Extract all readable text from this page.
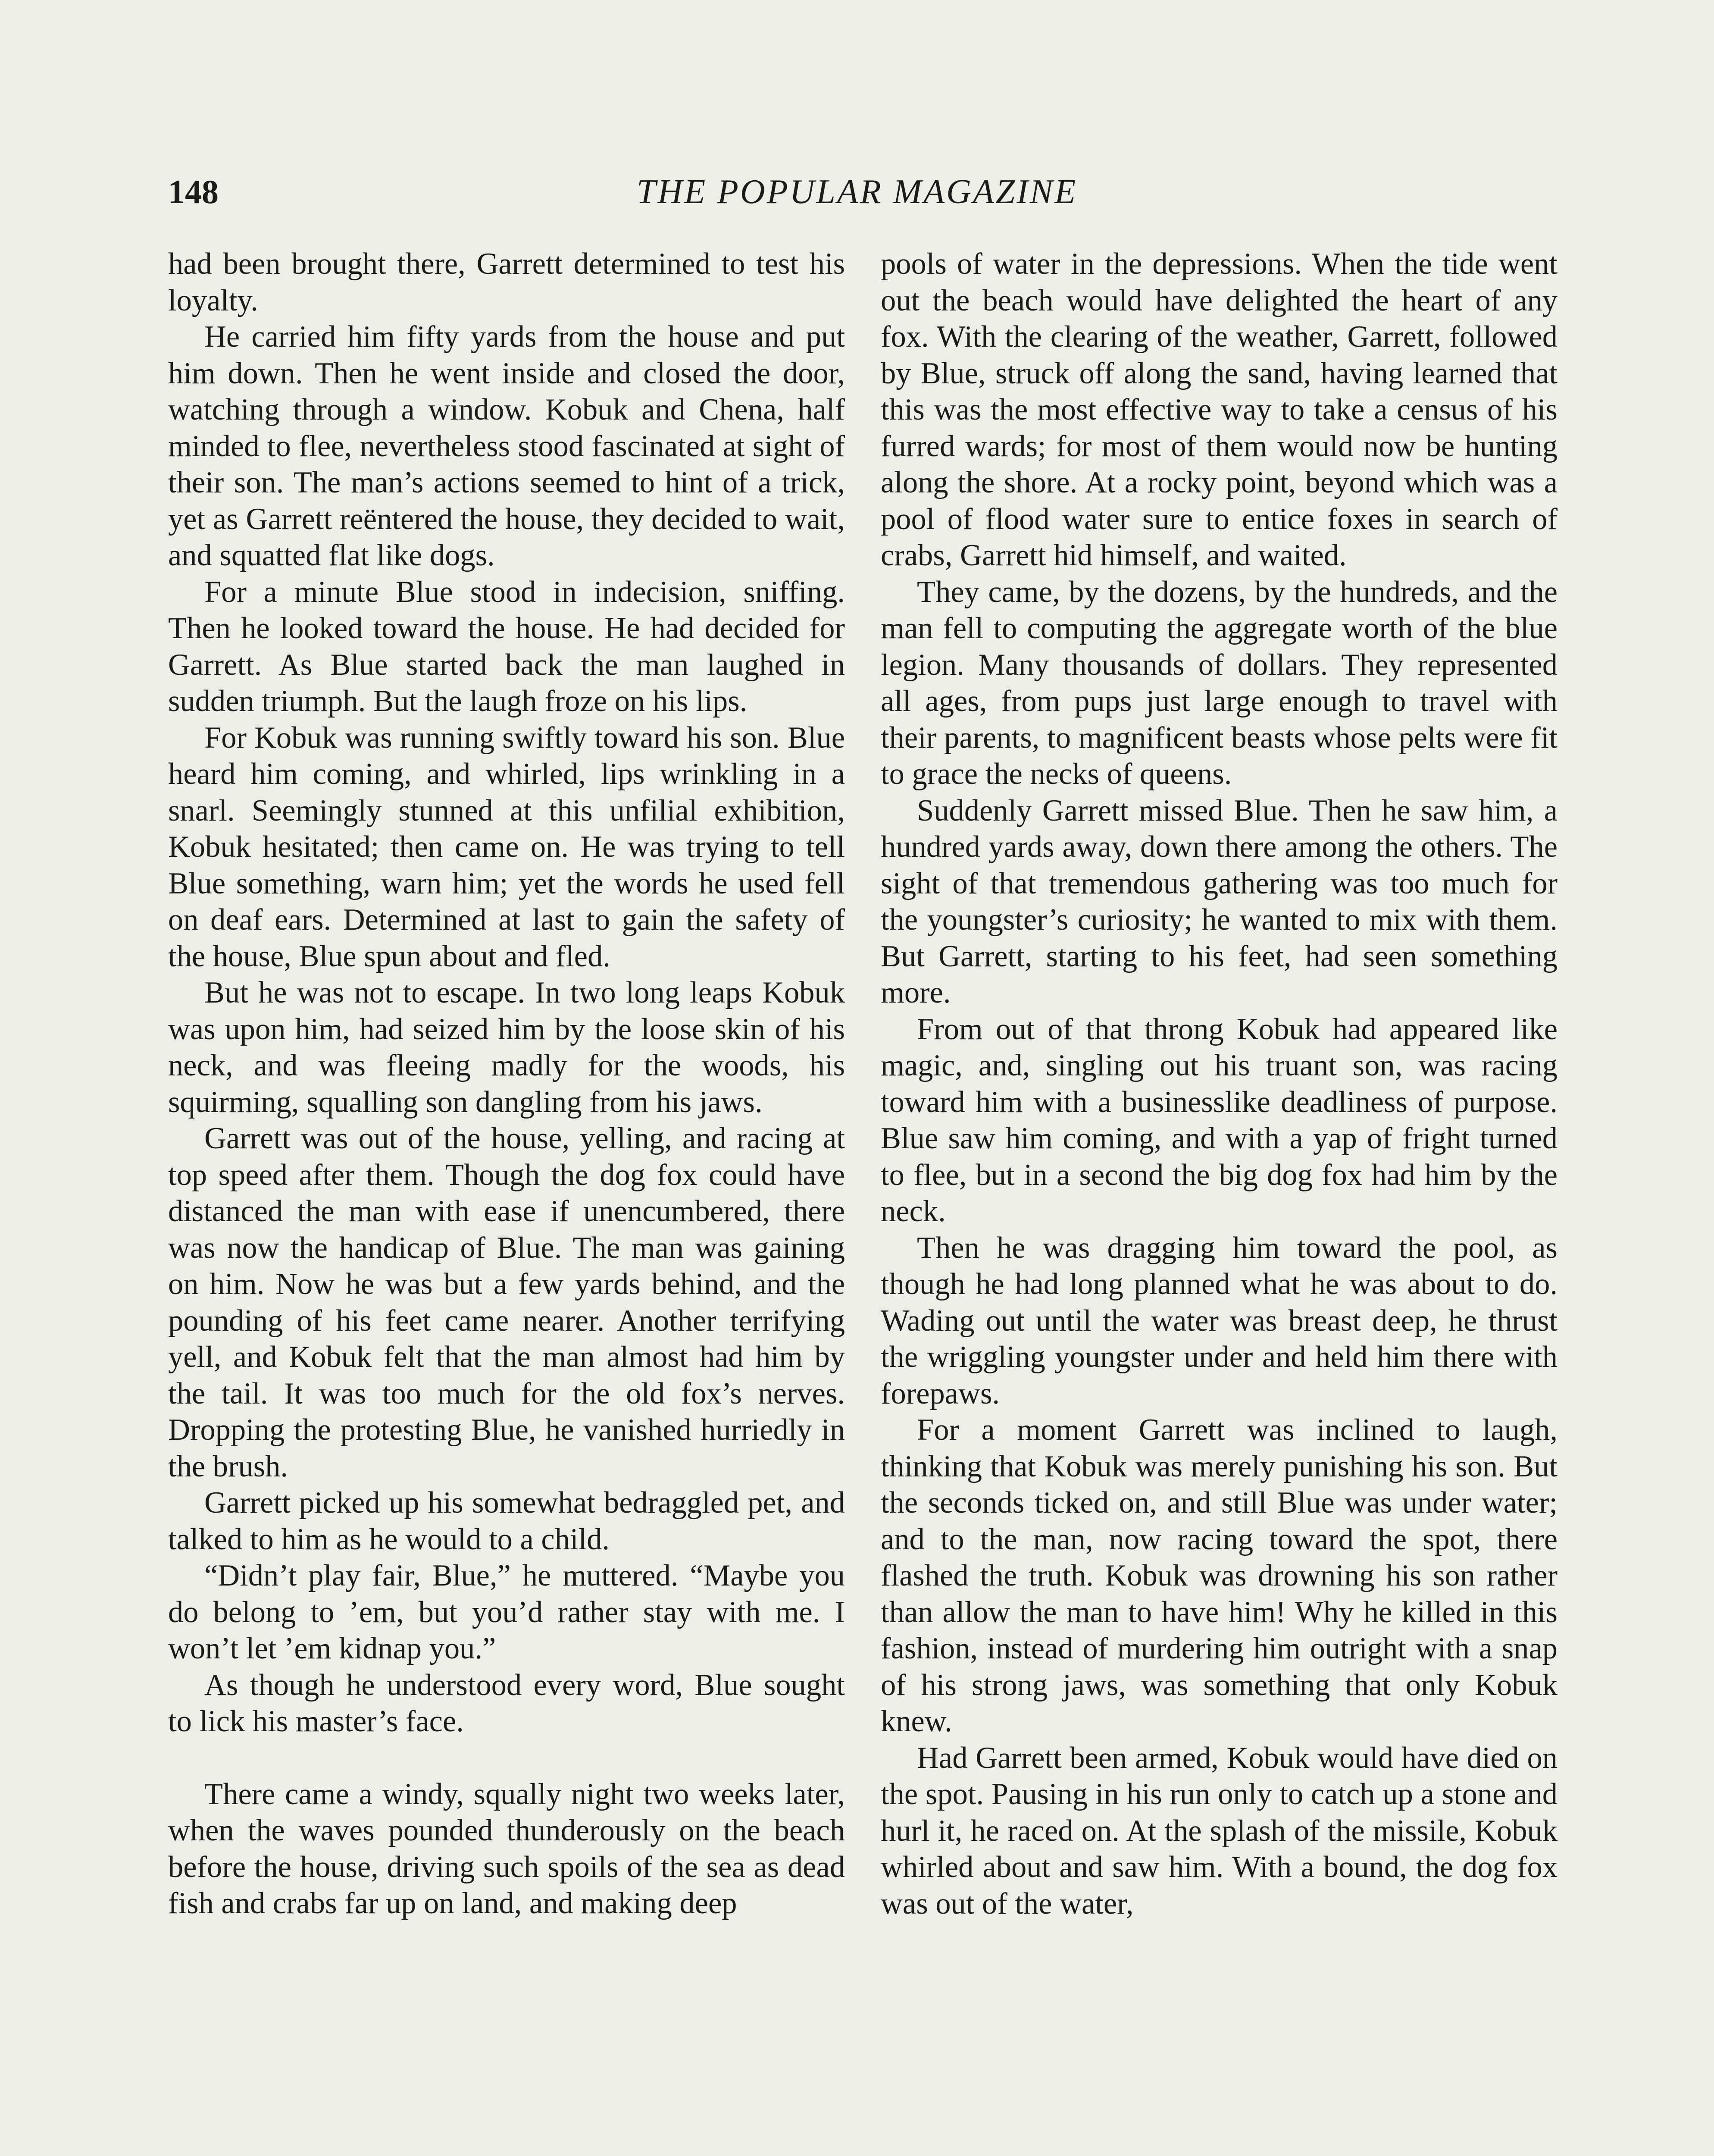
148	THE POPULAR MAGAZINE

had been brought there, Garrett determined to test his loyalty.

He carried him fifty yards from the house and put him down. Then he went inside and closed the door, watching through a window. Kobuk and Chena, half minded to flee, nevertheless stood fascinated at sight of their son. The man’s actions seemed to hint of a trick, yet as Garrett reëntered the house, they decided to wait, and squatted flat like dogs.

For a minute Blue stood in indecision, sniffing. Then he looked toward the house. He had decided for Garrett. As Blue started back the man laughed in sudden triumph. But the laugh froze on his lips.

For Kobuk was running swiftly toward his son. Blue heard him coming, and whirled, lips wrinkling in a snarl. Seemingly stunned at this unfilial exhibition, Kobuk hesitated; then came on. He was trying to tell Blue something, warn him; yet the words he used fell on deaf ears. Determined at last to gain the safety of the house, Blue spun about and fled.

But he was not to escape. In two long leaps Kobuk was upon him, had seized him by the loose skin of his neck, and was fleeing madly for the woods, his squirming, squalling son dangling from his jaws.

Garrett was out of the house, yelling, and racing at top speed after them. Though the dog fox could have distanced the man with ease if unencumbered, there was now the handicap of Blue. The man was gaining on him. Now he was but a few yards behind, and the pounding of his feet came nearer. Another terrifying yell, and Kobuk felt that the man almost had him by the tail. It was too much for the old fox’s nerves. Dropping the protesting Blue, he vanished hurriedly in the brush.

Garrett picked up his somewhat bedraggled pet, and talked to him as he would to a child.

“Didn’t play fair, Blue,” he muttered. “Maybe you do belong to ’em, but you’d rather stay with me. I won’t let ’em kidnap you.”

As though he understood every word, Blue sought to lick his master’s face.

There came a windy, squally night two weeks later, when the waves pounded thunderously on the beach before the house, driving such spoils of the sea as dead fish and crabs far up on land, and making deep

pools of water in the depressions. When the tide went out the beach would have delighted the heart of any fox. With the clearing of the weather, Garrett, followed by Blue, struck off along the sand, having learned that this was the most effective way to take a census of his furred wards; for most of them would now be hunting along the shore. At a rocky point, beyond which was a pool of flood water sure to entice foxes in search of crabs, Garrett hid himself, and waited.

They came, by the dozens, by the hundreds, and the man fell to computing the aggregate worth of the blue legion. Many thousands of dollars. They represented all ages, from pups just large enough to travel with their parents, to magnificent beasts whose pelts were fit to grace the necks of queens.

Suddenly Garrett missed Blue. Then he saw him, a hundred yards away, down there among the others. The sight of that tremendous gathering was too much for the youngster’s curiosity; he wanted to mix with them. But Garrett, starting to his feet, had seen something more.

From out of that throng Kobuk had appeared like magic, and, singling out his truant son, was racing toward him with a businesslike deadliness of purpose. Blue saw him coming, and with a yap of fright turned to flee, but in a second the big dog fox had him by the neck.

Then he was dragging him toward the pool, as though he had long planned what he was about to do. Wading out until the water was breast deep, he thrust the wriggling youngster under and held him there with forepaws.

For a moment Garrett was inclined to laugh, thinking that Kobuk was merely punishing his son. But the seconds ticked on, and still Blue was under water; and to the man, now racing toward the spot, there flashed the truth. Kobuk was drowning his son rather than allow the man to have him! Why he killed in this fashion, instead of murdering him outright with a snap of his strong jaws, was something that only Kobuk knew.

Had Garrett been armed, Kobuk would have died on the spot. Pausing in his run only to catch up a stone and hurl it, he raced on. At the splash of the missile, Kobuk whirled about and saw him. With a bound, the dog fox was out of the water,
